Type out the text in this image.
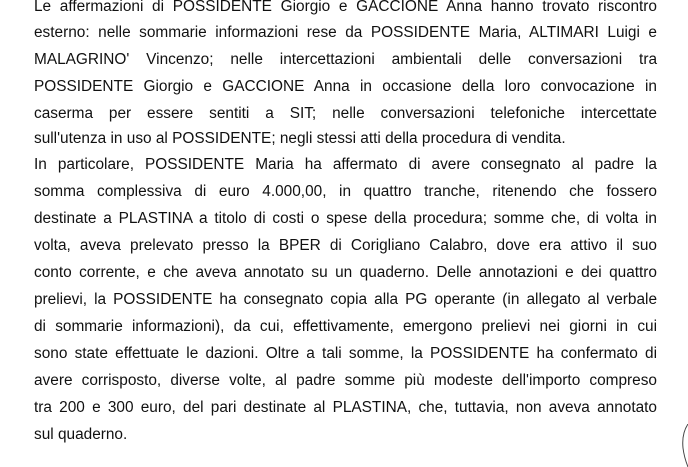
Le affermazioni di POSSIDENTE Giorgio e GACCIONE Anna hanno trovato riscontro
esterno: nelle sommarie informazioni rese da POSSIDENTE Maria, ALTIMARI Luigi e
MALAGRINO' Vincenzo; nelle intercettazioni ambientali delle conversazioni tra
POSSIDENTE Giorgio e GACCIONE Anna in occasione della loro convocazione in
caserma per essere sentiti a SIT; nelle conversazioni telefoniche intercettate
sull'utenza in uso al POSSIDENTE; negli stessi atti della procedura di vendita.
In particolare, POSSIDENTE Maria ha affermato di avere consegnato al padre la
somma complessiva di euro 4.000,00, in quattro tranche, ritenendo che fossero
destinate a PLASTINA a titolo di costi o spese della procedura; somme che, di volta in
volta, aveva prelevato presso la BPER di Corigliano Calabro, dove era attivo il suo
conto corrente, e che aveva annotato su un quaderno. Delle annotazioni e dei quattro
prelievi, la POSSIDENTE ha consegnato copia alla PG operante (in allegato al verbale
di sommarie informazioni), da cui, effettivamente, emergono prelievi nei giorni in cui
sono state effettuate le dazioni. Oltre a tali somme, la POSSIDENTE ha confermato di
avere corrisposto, diverse volte, al padre somme più modeste dell'importo compreso
tra 200 e 300 euro, del pari destinate al PLASTINA, che, tuttavia, non aveva annotato
sul quaderno.
